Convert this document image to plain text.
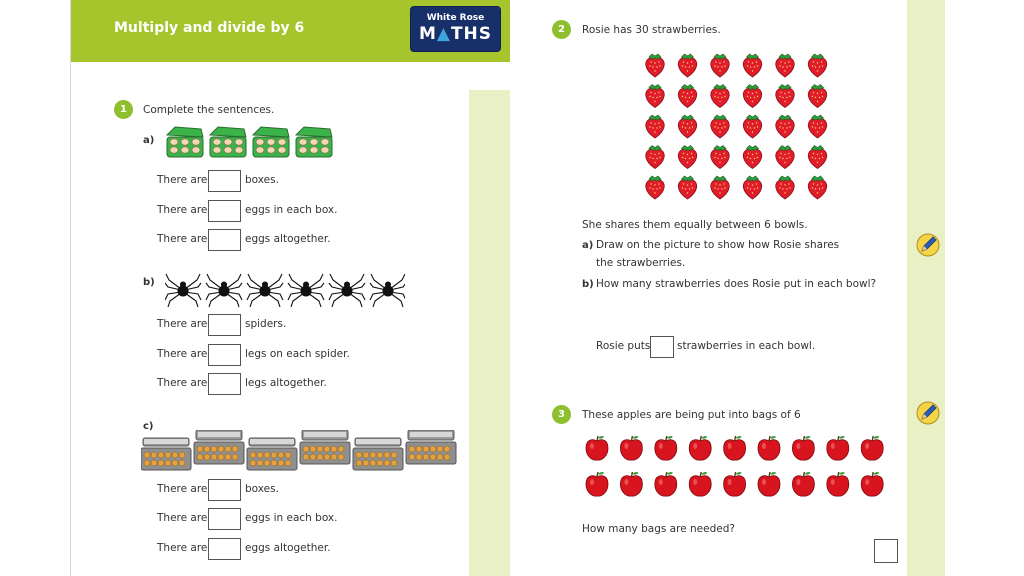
Multiply and divide by 6
White Rose
M▲THS
1	Complete the sentences.
a)
There are	boxes.
There are	eggs in each box.
There are	eggs altogether.
b)
There are	spiders.
There are	legs on each spider.
There are	legs altogether.
c)
There are	boxes.
There are	eggs in each box.
There are	eggs altogether.
2	Rosie has 30 strawberries.
She shares them equally between 6 bowls.
a) Draw on the picture to show how Rosie shares
the strawberries.
b) How many strawberries does Rosie put in each bowl?
Rosie puts	strawberries in each bowl.
3	These apples are being put into bags of 6
How many bags are needed?
